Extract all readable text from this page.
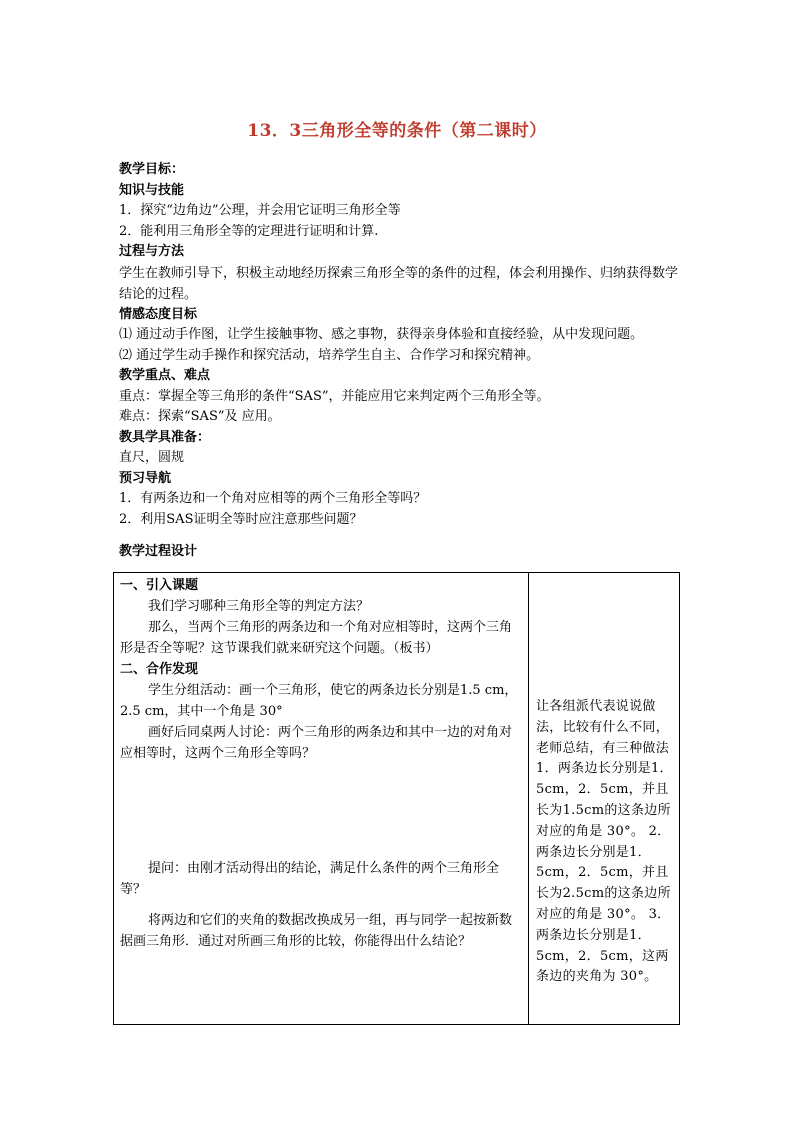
13．3三角形全等的条件（第二课时）
教学目标：
知识与技能
1．探究“边角边”公理，并会用它证明三角形全等
2．能利用三角形全等的定理进行证明和计算.
过程与方法
学生在教师引导下，积极主动地经历探索三角形全等的条件的过程，体会利用操作、归纳获得数学结论的过程。
情感态度目标
⑴ 通过动手作图，让学生接触事物、感之事物，获得亲身体验和直接经验，从中发现问题。
⑵ 通过学生动手操作和探究活动，培养学生自主、合作学习和探究精神。
教学重点、难点
重点：掌握全等三角形的条件“SAS”，并能应用它来判定两个三角形全等。
难点：探索“SAS”及 应用。
教具学具准备：
直尺，圆规
预习导航
1．有两条边和一个角对应相等的两个三角形全等吗？
2．利用SAS证明全等时应注意那些问题？
教学过程设计
一、引入课题
我们学习哪种三角形全等的判定方法？
那么，当两个三角形的两条边和一个角对应相等时，这两个三角形是否全等呢？这节课我们就来研究这个问题。（板书）
二、合作发现
学生分组活动：画一个三角形，使它的两条边长分别是1.5 cm，2.5 cm，其中一个角是 30°
画好后同桌两人讨论：两个三角形的两条边和其中一边的对角对应相等时，这两个三角形全等吗？
提问：由刚才活动得出的结论，满足什么条件的两个三角形全等？
将两边和它们的夹角的数据改换成另一组，再与同学一起按新数据画三角形．通过对所画三角形的比较，你能得出什么结论？
让各组派代表说说做法，比较有什么不同，老师总结，有三种做法 1．两条边长分别是1．5cm，2．5cm，并且长为1.5cm的这条边所对应的角是 30°。 2．两条边长分别是1．5cm，2．5cm，并且长为2.5cm的这条边所对应的角是 30°。 3．两条边长分别是1．5cm，2．5cm，这两条边的夹角为 30°。
